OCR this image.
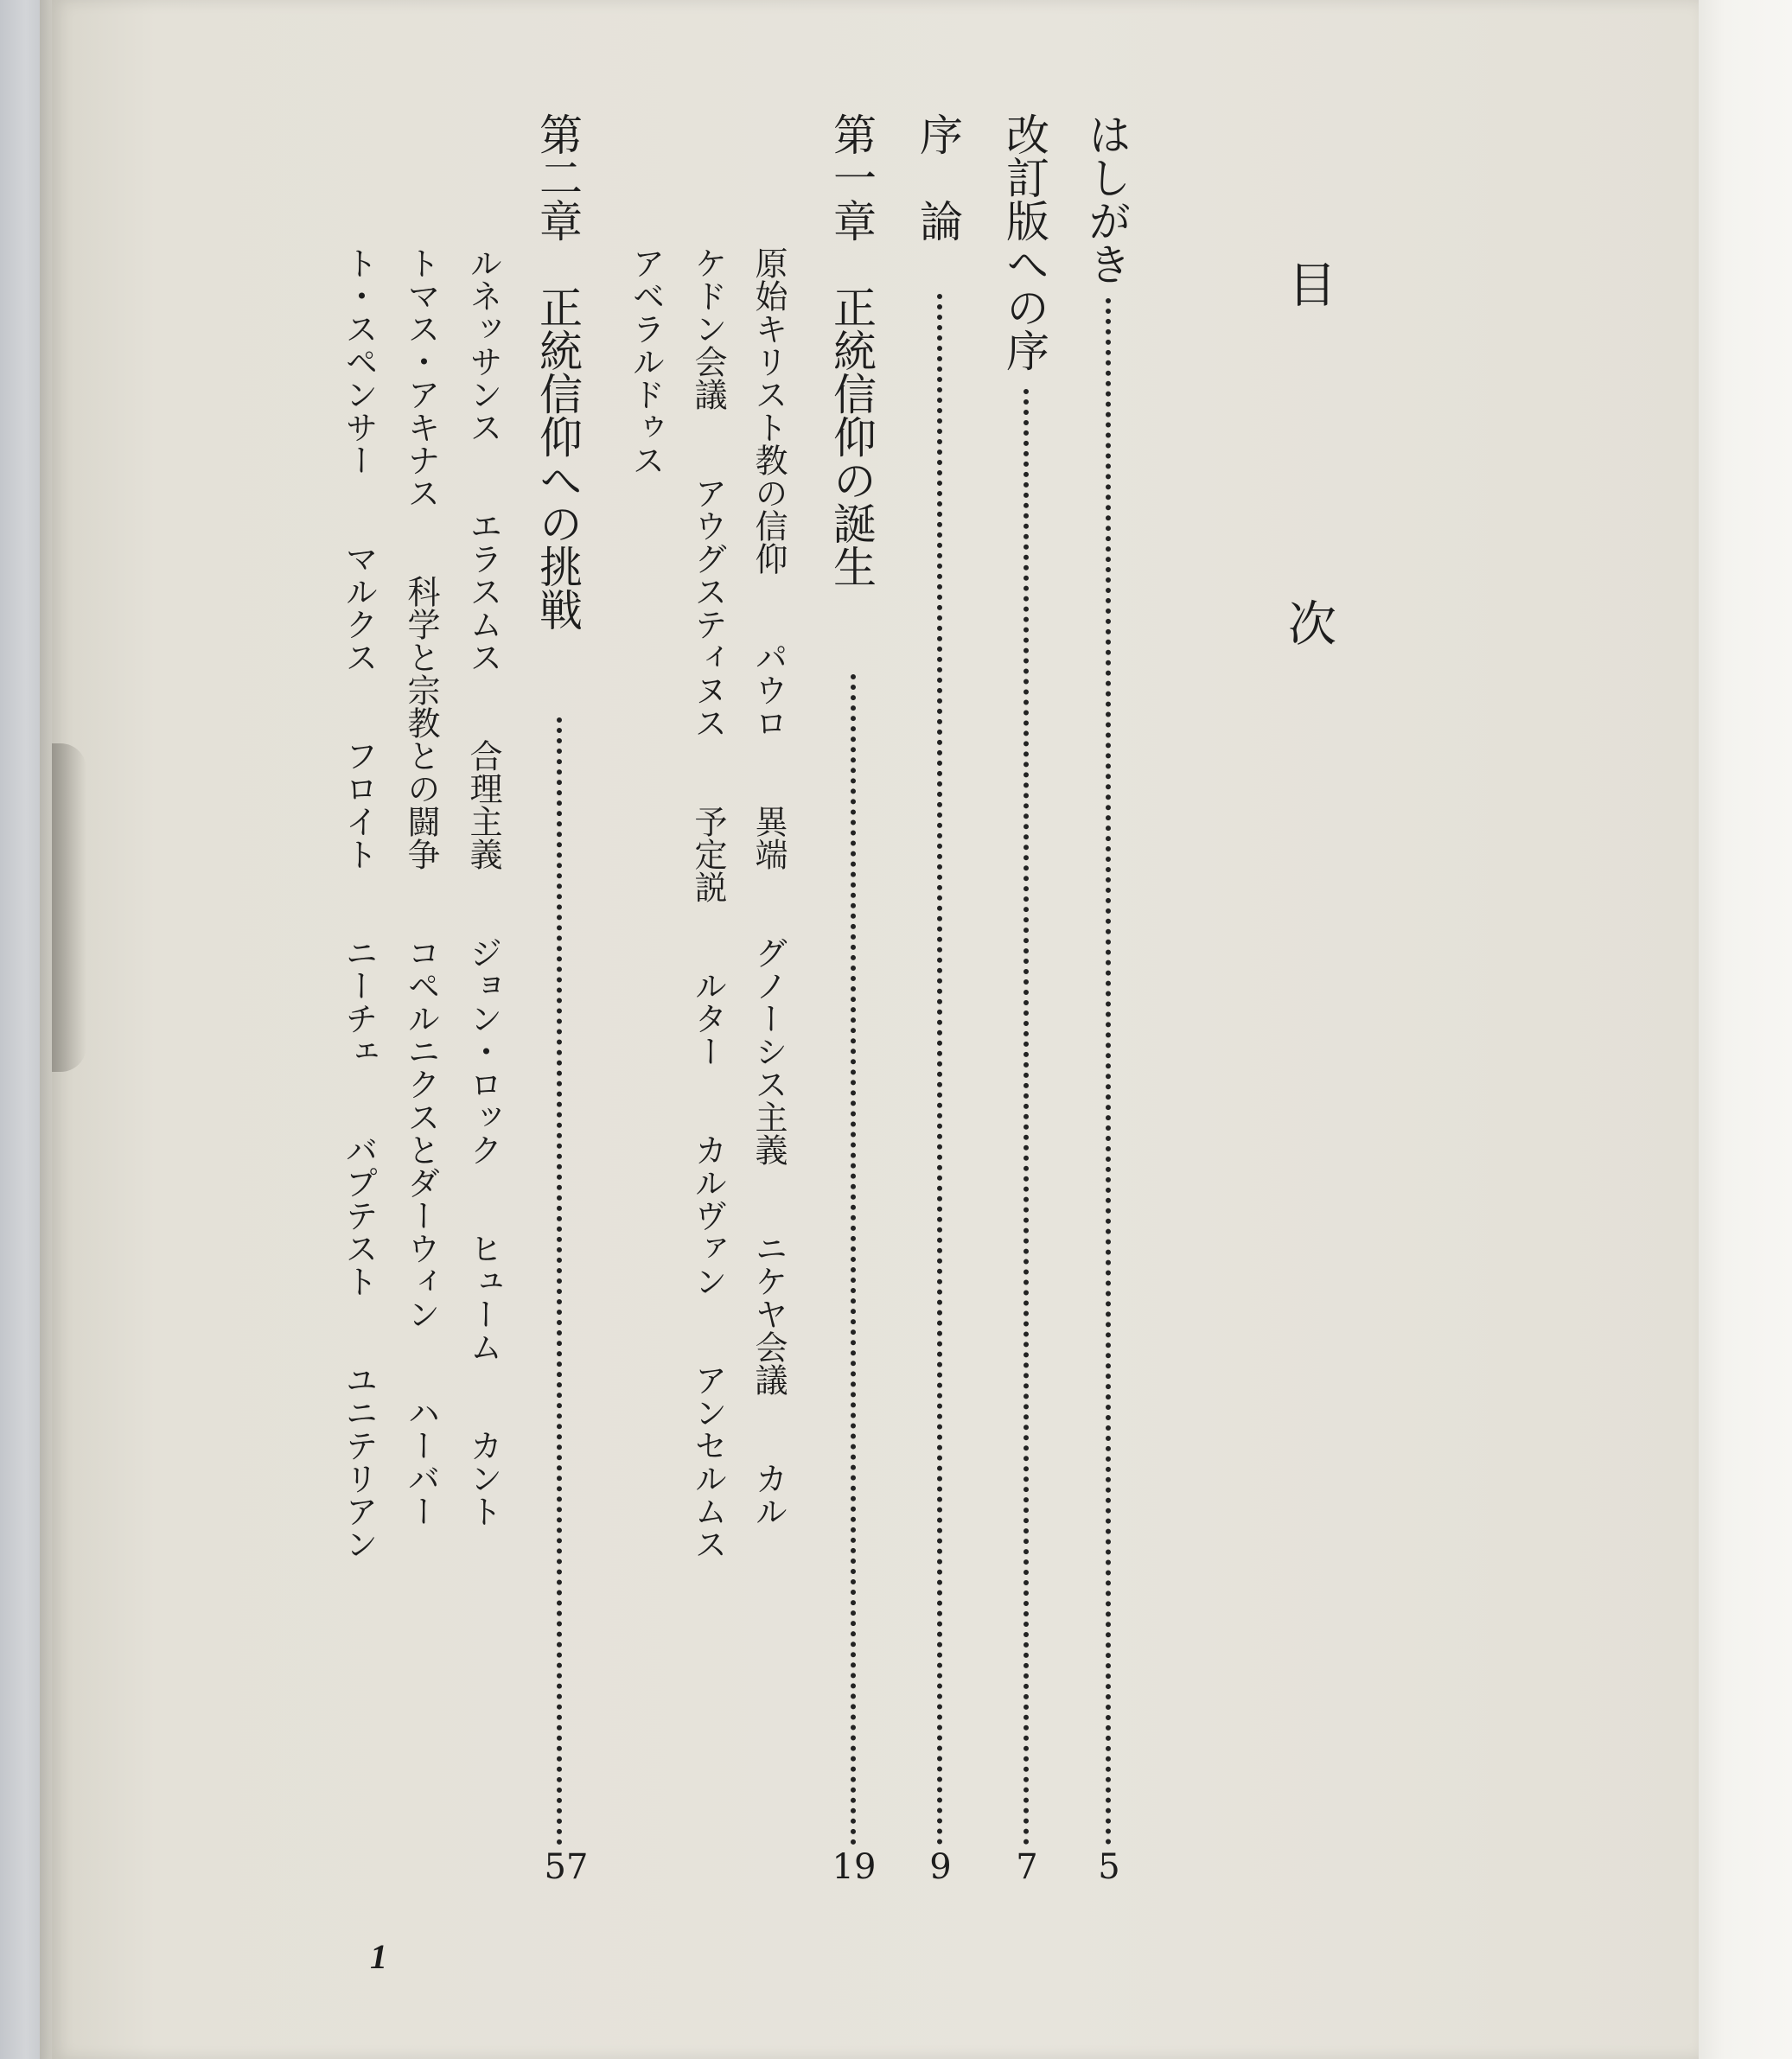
目　次
はしがき
5
改訂版への序
7
序　論
9
第一章　正統信仰の誕生
19
原始キリスト教の信仰　　パウロ　　異端　　グノーシス主義　　ニケヤ会議　　カル
ケドン会議　　アウグスティヌス　　予定説　　ルター　　カルヴァン　　アンセルムス
アベラルドゥス
第二章　正統信仰への挑戦
57
ルネッサンス　　エラスムス　　合理主義　　ジョン・ロック　　ヒューム　　カント
トマス・アキナス　　科学と宗教との闘争　　コペルニクスとダーウィン　　ハーバー
ト・スペンサー　　マルクス　　フロイト　　ニーチェ　　バプテスト　　ユニテリアン
1
